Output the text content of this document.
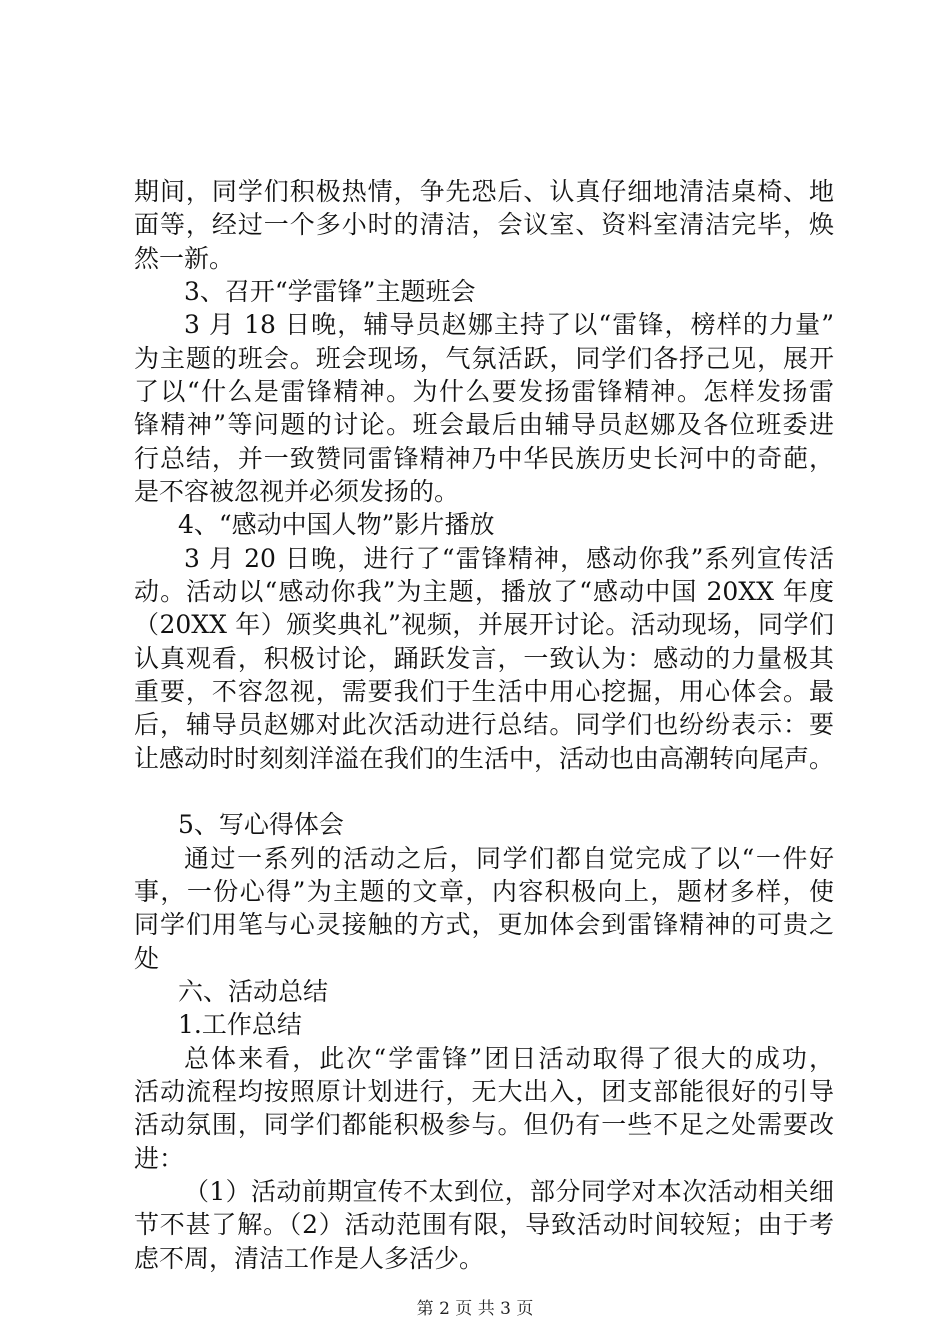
期间，同学们积极热情，争先恐后、认真仔细地清洁桌椅、地
面等，经过一个多小时的清洁，会议室、资料室清洁完毕，焕
然一新。
3、召开“学雷锋”主题班会
3 月 18 日晚，辅导员赵娜主持了以“雷锋，榜样的力量”
为主题的班会。班会现场，气氛活跃，同学们各抒己见，展开
了以“什么是雷锋精神。为什么要发扬雷锋精神。怎样发扬雷
锋精神”等问题的讨论。班会最后由辅导员赵娜及各位班委进
行总结，并一致赞同雷锋精神乃中华民族历史长河中的奇葩，
是不容被忽视并必须发扬的。
4、“感动中国人物”影片播放
3 月 20 日晚，进行了“雷锋精神，感动你我”系列宣传活
动。活动以“感动你我”为主题，播放了“感动中国 20XX 年度
（20XX 年）颁奖典礼”视频，并展开讨论。活动现场，同学们
认真观看，积极讨论，踊跃发言，一致认为：感动的力量极其
重要，不容忽视，需要我们于生活中用心挖掘，用心体会。最
后，辅导员赵娜对此次活动进行总结。同学们也纷纷表示：要
让感动时时刻刻洋溢在我们的生活中，活动也由高潮转向尾声。
5、写心得体会
通过一系列的活动之后，同学们都自觉完成了以“一件好
事，一份心得”为主题的文章，内容积极向上，题材多样，使
同学们用笔与心灵接触的方式，更加体会到雷锋精神的可贵之
处
六、活动总结
1.工作总结
总体来看，此次“学雷锋”团日活动取得了很大的成功，
活动流程均按照原计划进行，无大出入，团支部能很好的引导
活动氛围，同学们都能积极参与。但仍有一些不足之处需要改
进：
（1）活动前期宣传不太到位，部分同学对本次活动相关细
节不甚了解。（2）活动范围有限，导致活动时间较短；由于考
虑不周，清洁工作是人多活少。
第 2 页 共 3 页
